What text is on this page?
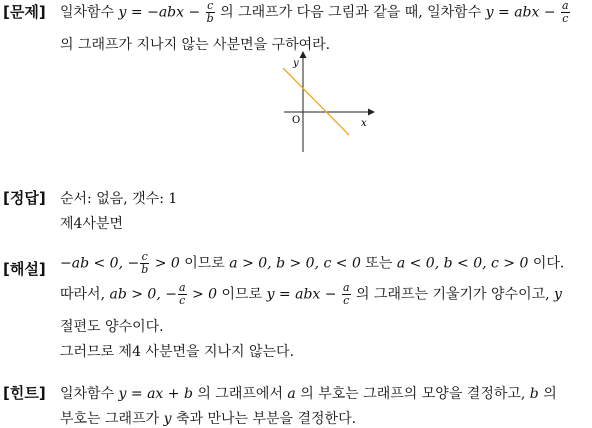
[문제] 일차함수 $y = -abx - \frac{c}{b}$ 의 그래프가 다음 그림과 같을 때, 일차함수 y = abx − $\frac{a}{c}$
의 그래프가 지나지 않는 사분면을 구하여라.
y
x
O
[정답] 순서: 없음, 갯수: 1
제4사분면
[해설] −ab < 0, − $\frac{c}{b} > 0$ 이므로 a > 0, b > 0, c < 0 또는 a < 0, b < 0, c > 0 이다.
따라서, ab > 0, − $\frac{a}{c} > 0$ 이므로 y = abx − $\frac{a}{c}$ 의 그래프는 기울기가 양수이고, y
절편도 양수이다.
그러므로 제4 사분면을 지나지 않는다.
[힌트] 일차함수 y = ax + b 의 그래프에서 a 의 부호는 그래프의 모양을 결정하고, b 의
부호는 그래프가 y 축과 만나는 부분을 결정한다.
